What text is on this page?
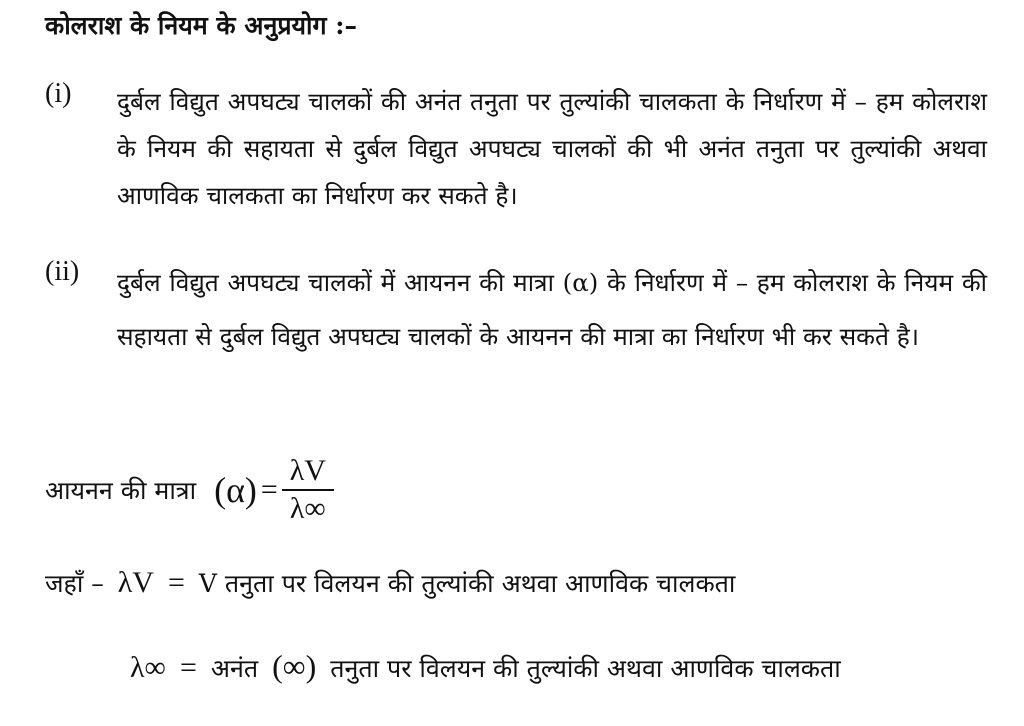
कोलराश के नियम के अनुप्रयोग :–
(i) दुर्बल विद्युत अपघट्य चालकों की अनंत तनुता पर तुल्यांकी चालकता के निर्धारण में – हम कोलराश के नियम की सहायता से दुर्बल विद्युत अपघट्य चालकों की भी अनंत तनुता पर तुल्यांकी अथवा आणविक चालकता का निर्धारण कर सकते है।
(ii) दुर्बल विद्युत अपघट्य चालकों में आयनन की मात्रा (α) के निर्धारण में – हम कोलराश के नियम की सहायता से दुर्बल विद्युत अपघट्य चालकों के आयनन की मात्रा का निर्धारण भी कर सकते है।
आयनन की मात्रा $(\alpha) = \frac{\lambda V}{\lambda\infty}$
जहाँ – λV = V तनुता पर विलयन की तुल्यांकी अथवा आणविक चालकता
λ∞ = अनंत (∞) तनुता पर विलयन की तुल्यांकी अथवा आणविक चालकता
